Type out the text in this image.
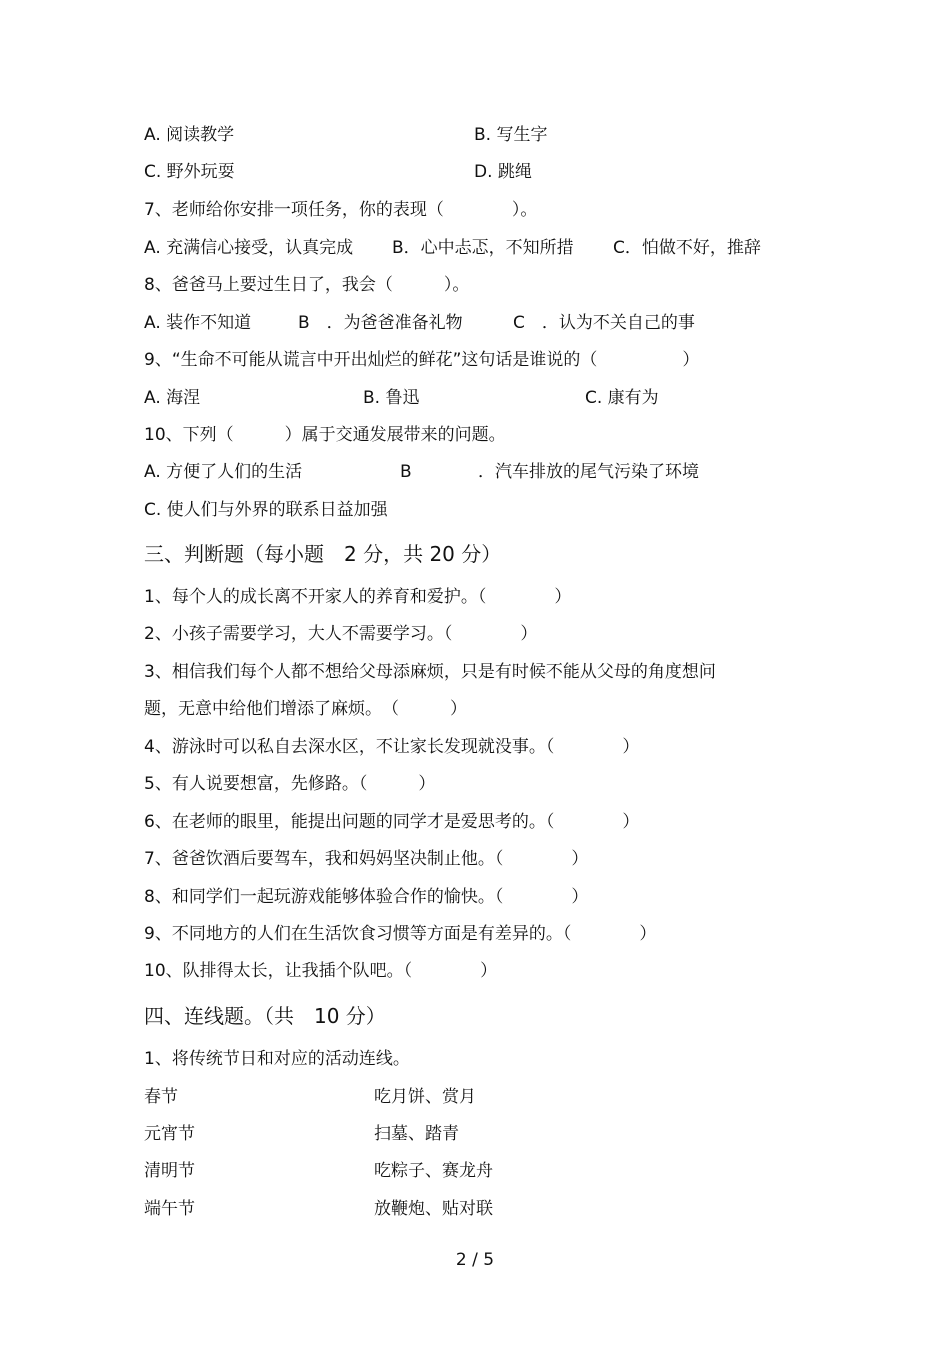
A. 阅读教学	B. 写生字
C. 野外玩耍	D. 跳绳
7、老师给你安排一项任务，你的表现（　　　　）。
A. 充满信心接受，认真完成 B．心中忐忑，不知所措 C．怕做不好，推辞
8、爸爸马上要过生日了，我会（　　　）。
A. 装作不知道	B　．为爸爸准备礼物	C　．认为不关自己的事
9、“生命不可能从谎言中开出灿烂的鲜花”这句话是谁说的（　　　　　）
A. 海涅	B. 鲁迅	C. 康有为
10、下列（　　　）属于交通发展带来的问题。
A. 方便了人们的生活	B	．汽车排放的尾气污染了环境
C. 使人们与外界的联系日益加强
三、判断题（每小题　2 分，共 20 分）
1、每个人的成长离不开家人的养育和爱护。（　　　　）
2、小孩子需要学习，大人不需要学习。（　　　　）
3、相信我们每个人都不想给父母添麻烦，只是有时候不能从父母的角度想问
题，无意中给他们增添了麻烦。　（　　　）
4、游泳时可以私自去深水区，不让家长发现就没事。（　　　　）
5、有人说要想富，先修路。（　　　）
6、在老师的眼里，能提出问题的同学才是爱思考的。（　　　　）
7、爸爸饮酒后要驾车，我和妈妈坚决制止他。（　　　　）
8、和同学们一起玩游戏能够体验合作的愉快。（　　　　）
9、不同地方的人们在生活饮食习惯等方面是有差异的。（　　　　）
10、队排得太长，让我插个队吧。（　　　　）
四、连线题。（共　10 分）
1、将传统节日和对应的活动连线。
春节	吃月饼、赏月
元宵节	扫墓、踏青
清明节	吃粽子、赛龙舟
端午节	放鞭炮、贴对联
2 / 5
